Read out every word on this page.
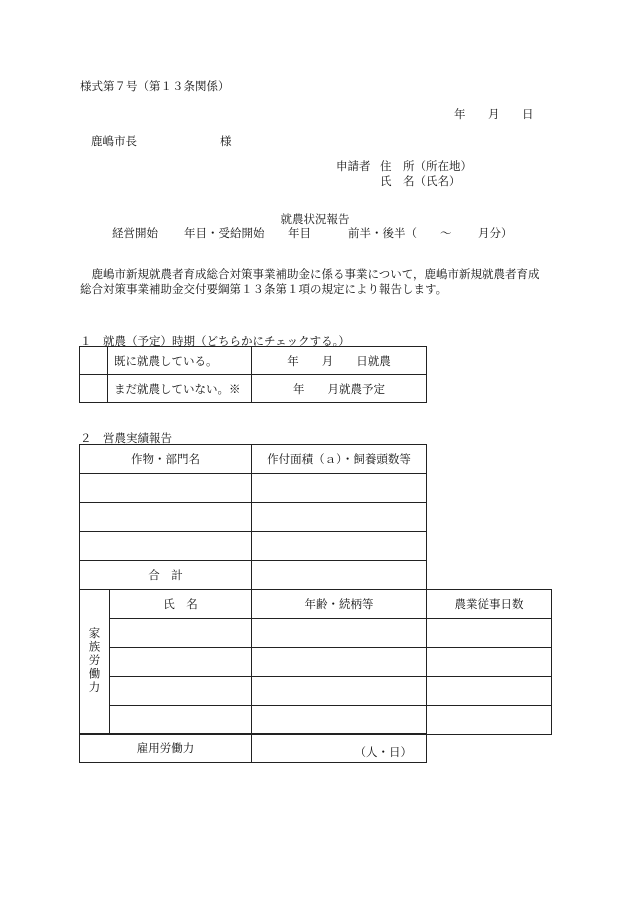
様式第７号（第１３条関係）
年 月 日
鹿嶋市長	様
申請者 住　所（所在地）
氏　名（氏名）
就農状況報告
経営開始 年目・受給開始 年目	前半・後半（ 〜 月分）
　鹿嶋市新規就農者育成総合対策事業補助金に係る事業について，鹿嶋市新規就農者育成
総合対策事業補助金交付要綱第１３条第１項の規定により報告します。
１　就農（予定）時期（どちらかにチェックする。）
	既に就農している。	年　　月　　日就農
	まだ就農していない。※	年　　月就農予定
２　営農実績報告
作物・部門名	作付面積（ａ）・飼養頭数等

合　計	
家族労働力	氏　名	年齢・続柄等	農業従事日数

雇用労働力	（人・日）
